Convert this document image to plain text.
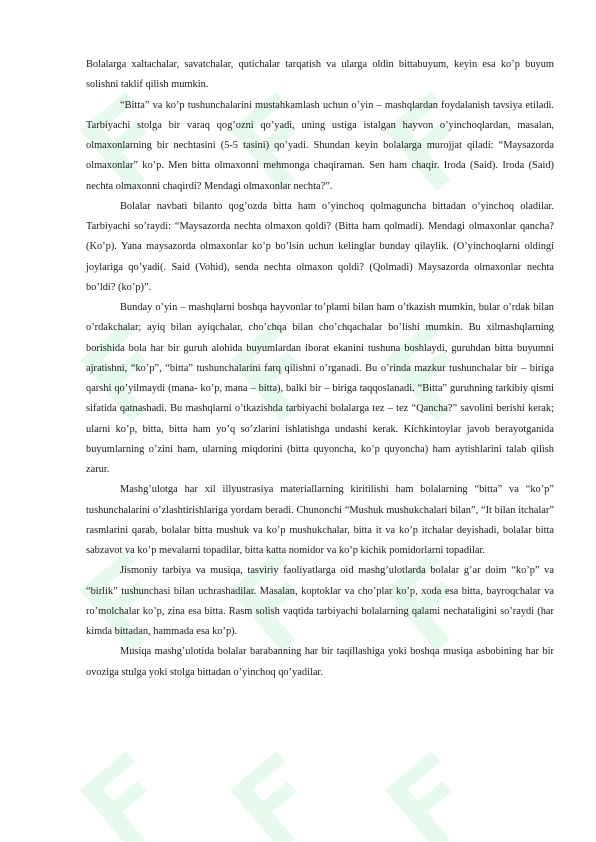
Bolalarga xaltachalar, savatchalar, qutichalar tarqatish va ularga oldin bittabuyum, keyin esa ko’p buyum solishni taklif qilish mumkin.

“Bitta” va ko’p tushunchalarini mustahkamlash uchun o’yin – mashqlardan foydalanish tavsiya etiladi. Tarbiyachi stolga bir varaq qog’ozni qo’yadi, uning ustiga istalgan hayvon o’yinchoqlardan, masalan, olmaxonlarning bir nechtasini (5-5 tasini) qo’yadi. Shundan keyin bolalarga murojjat qiladi: “Maysazorda olmaxonlar” ko’p. Men bitta olmaxonni mehmonga chaqiraman. Sen ham chaqir. Iroda (Said). Iroda (Said) nechta olmaxonni chaqirdi? Mendagi olmaxonlar nechta?”.

Bolalar navbati bilanto qog’ozda bitta ham o’yinchoq qolmaguncha bittadan o’yinchoq oladilar. Tarbiyachi so’raydi: “Maysazorda nechta olmaxon qoldi? (Bitta ham qolmadi). Mendagi olmaxonlar qancha? (Ko’p). Yana maysazorda olmaxonlar ko’p bo’lsin uchun kelinglar bunday qilaylik. (O’yinchoqlarni oldingi joylariga qo’yadi(. Said (Vohid), senda nechta olmaxon qoldi? (Qolmadi) Maysazorda olmaxonlar nechta bo’ldi? (ko’p)”.

Bunday o’yin – mashqlarni boshqa hayvonlar to’plami bilan ham o’tkazish mumkin, bular o’rdak bilan o’rdakchalar; ayiq bilan ayiqchalar, cho’chqa bilan cho’chqachalar bo’lishi mumkin. Bu xilmashqlarning borishida bola har bir guruh alohida buyumlardan iborat ekanini tushuna boshlaydi, guruhdan bitta buyumni ajratishni, “ko’p”, “bitta” tushunchalarini farq qilishni o’rganadi. Bu o’rinda mazkur tushunchalar bir – biriga qarshi qo’yilmaydi (mana- ko’p, mana – bitta), balki bir – biriga taqqoslanadi. “Bitta” guruhning tarkibiy qismi sifatida qatnashadi. Bu mashqlarni o’tkazishda tarbiyachi bolalarga tez – tez “Qancha?” savolini berishi kerak; ularni ko’p, bitta, bitta ham yo’q so’zlarini ishlatishga undashi kerak. Kichkintoylar javob berayotganida buyumlarning o’zini ham, ularning miqdorini (bitta quyoncha, ko’p quyoncha) ham aytishlarini talab qilish zarur.

Mashg’ulotga har xil illyustrasiya materiallarning kiritilishi ham bolalarning “bitta” va “ko’p” tushunchalarini o’zlashtirishlariga yordam beradi. Chunonchi “Mushuk mushukchalari bilan”, “It bilan itchalar” rasmlarini qarab, bolalar bitta mushuk va ko’p mushukchalar, bitta it va ko’p itchalar deyishadi, bolalar bitta sabzavot va ko’p mevalarni topadilar, bitta katta nomidor va ko’p kichik pomidorlarni topadilar.

Jismoniy tarbiya va musiqa, tasviriy faoliyatlarga oid mashg’ulotlarda bolalar g’ar doim “ko’p” va “birlik” tushunchasi bilan uchrashadilar. Masalan, koptoklar va cho’plar ko’p, xoda esa bitta, bayroqchalar va ro’molchalar ko’p, zina esa bitta. Rasm solish vaqtida tarbiyachi bolalarning qalami nechataligini so’raydi (har kimda bittadan, hammada esa ko’p).

Musiqa mashg’ulotida bolalar barabanning har bir taqillashiga yoki boshqa musiqa asbobining har bir ovoziga stulga yoki stolga bittadan o’yinchoq qo’yadilar.
